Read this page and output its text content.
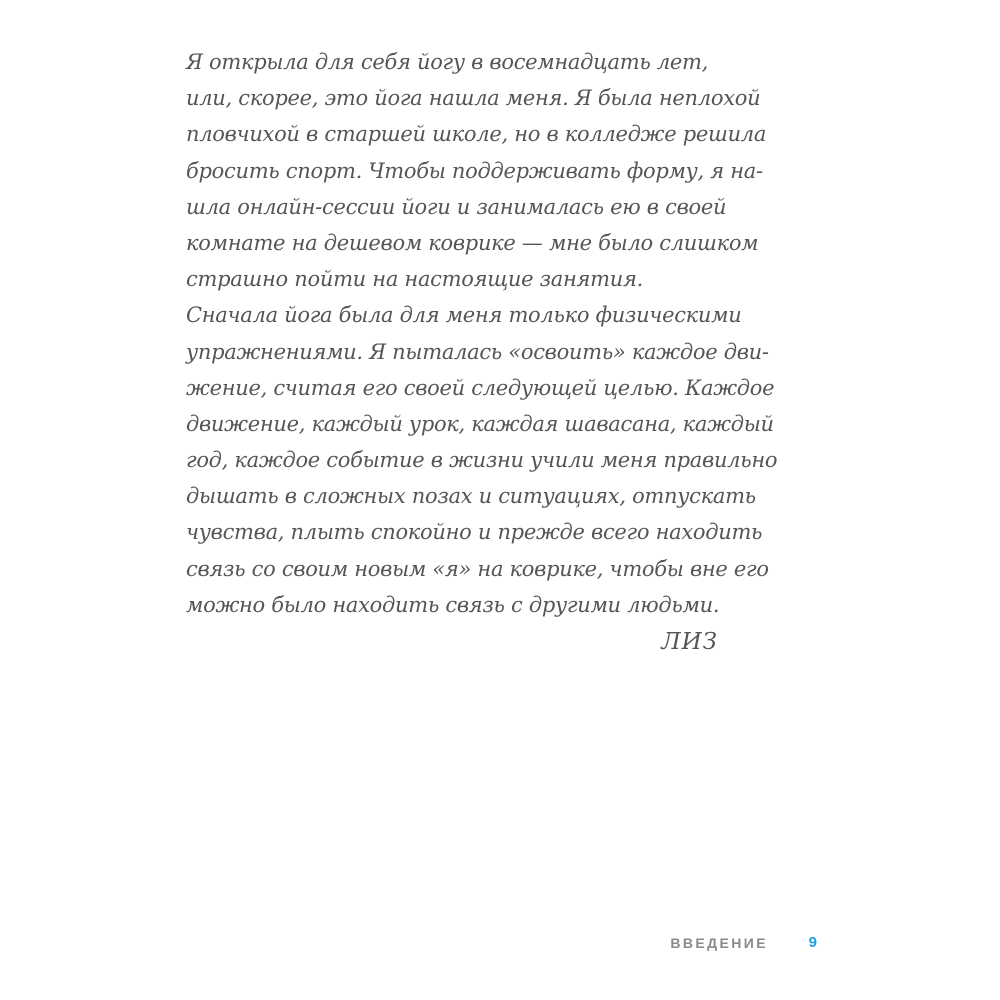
Я открыла для себя йогу в восемнадцать лет,
или, скорее, это йога нашла меня. Я была неплохой
пловчихой в старшей школе, но в колледже решила
бросить спорт. Чтобы поддерживать форму, я на-
шла онлайн-сессии йоги и занималась ею в своей
комнате на дешевом коврике — мне было слишком
страшно пойти на настоящие занятия.
Сначала йога была для меня только физическими
упражнениями. Я пыталась «освоить» каждое дви-
жение, считая его своей следующей целью. Каждое
движение, каждый урок, каждая шавасана, каждый
год, каждое событие в жизни учили меня правильно
дышать в сложных позах и ситуациях, отпускать
чувства, плыть спокойно и прежде всего находить
связь со своим новым «я» на коврике, чтобы вне его
можно было находить связь с другими людьми.
ЛИЗ
ВВЕДЕНИЕ	9
